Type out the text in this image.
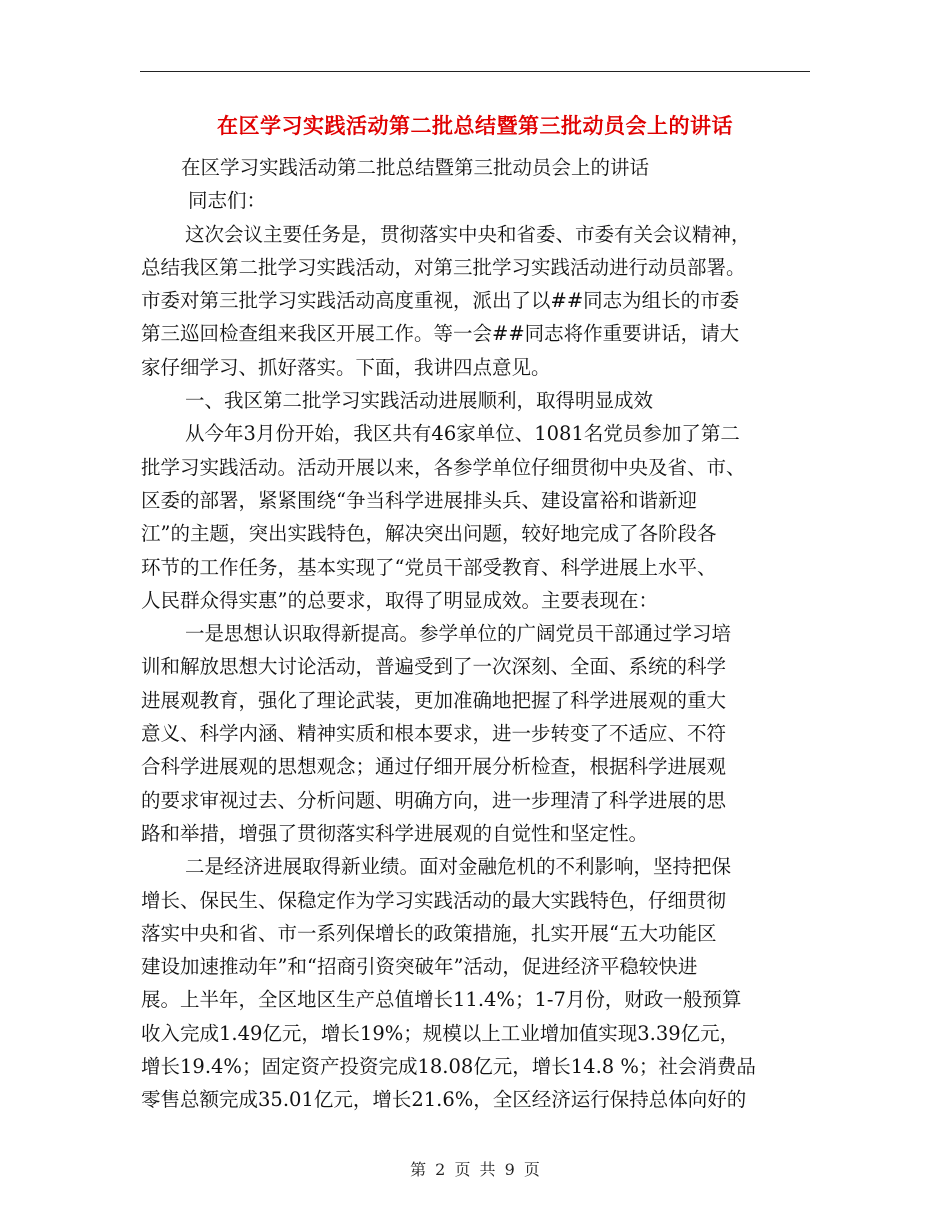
在区学习实践活动第二批总结暨第三批动员会上的讲话
在区学习实践活动第二批总结暨第三批动员会上的讲话
同志们：
这次会议主要任务是，贯彻落实中央和省委、市委有关会议精神，
总结我区第二批学习实践活动，对第三批学习实践活动进行动员部署。
市委对第三批学习实践活动高度重视，派出了以##同志为组长的市委
第三巡回检查组来我区开展工作。等一会##同志将作重要讲话，请大
家仔细学习、抓好落实。下面，我讲四点意见。
一、我区第二批学习实践活动进展顺利，取得明显成效
从今年3月份开始，我区共有46家单位、1081名党员参加了第二
批学习实践活动。活动开展以来，各参学单位仔细贯彻中央及省、市、
区委的部署，紧紧围绕“争当科学进展排头兵、建设富裕和谐新迎
江”的主题，突出实践特色，解决突出问题，较好地完成了各阶段各
环节的工作任务，基本实现了“党员干部受教育、科学进展上水平、
人民群众得实惠”的总要求，取得了明显成效。主要表现在：
一是思想认识取得新提高。参学单位的广阔党员干部通过学习培
训和解放思想大讨论活动，普遍受到了一次深刻、全面、系统的科学
进展观教育，强化了理论武装，更加准确地把握了科学进展观的重大
意义、科学内涵、精神实质和根本要求，进一步转变了不适应、不符
合科学进展观的思想观念；通过仔细开展分析检查，根据科学进展观
的要求审视过去、分析问题、明确方向，进一步理清了科学进展的思
路和举措，增强了贯彻落实科学进展观的自觉性和坚定性。
二是经济进展取得新业绩。面对金融危机的不利影响，坚持把保
增长、保民生、保稳定作为学习实践活动的最大实践特色，仔细贯彻
落实中央和省、市一系列保增长的政策措施，扎实开展“五大功能区
建设加速推动年”和“招商引资突破年”活动，促进经济平稳较快进
展。上半年，全区地区生产总值增长11.4%；1-7月份，财政一般预算
收入完成1.49亿元，增长19%；规模以上工业增加值实现3.39亿元，
增长19.4%；固定资产投资完成18.08亿元，增长14.8 %；社会消费品
零售总额完成35.01亿元，增长21.6%，全区经济运行保持总体向好的
第 2 页 共 9 页
